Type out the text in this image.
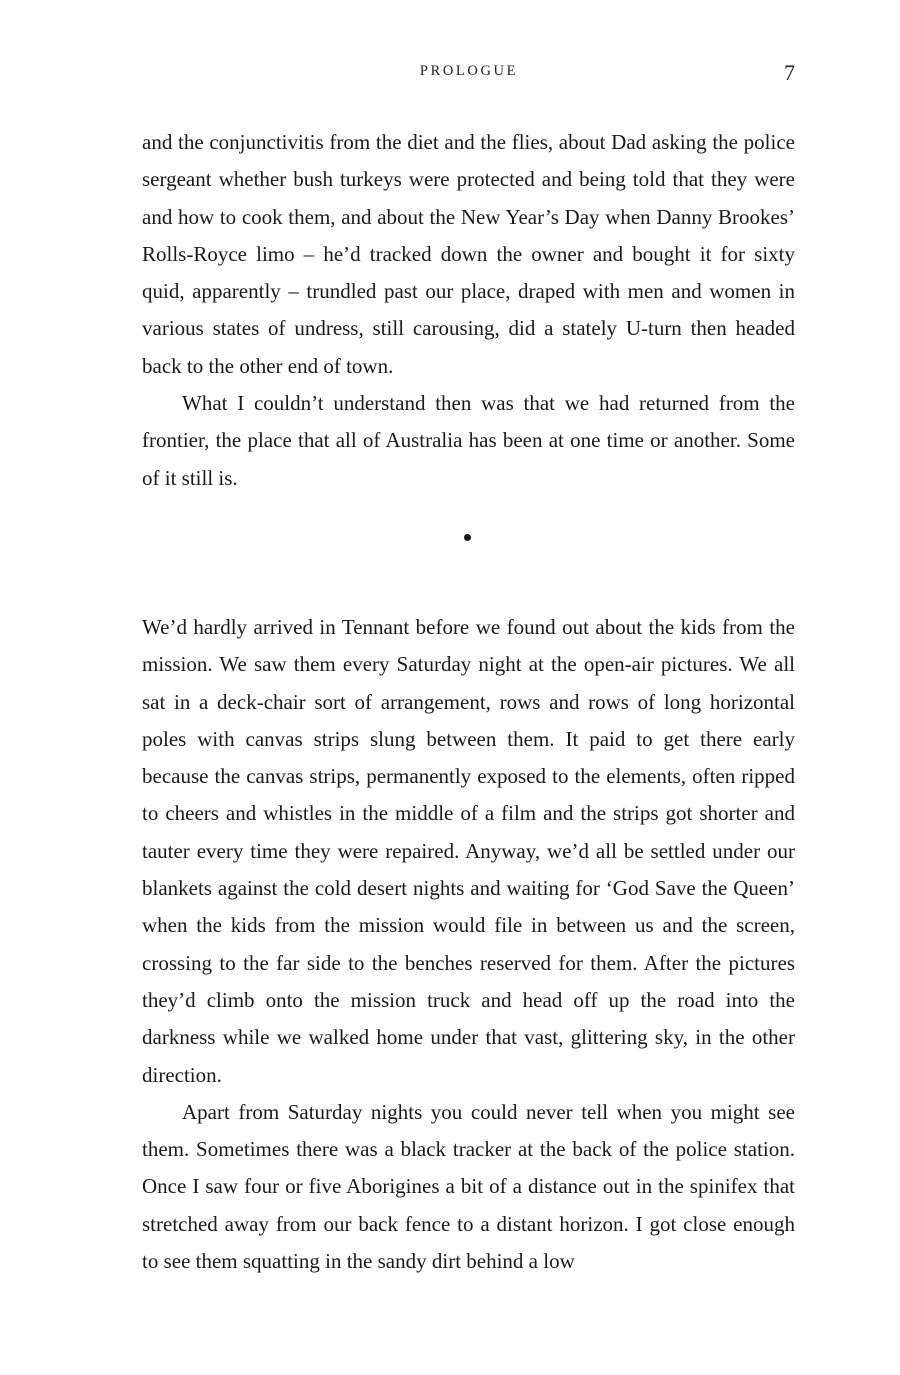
PROLOGUE	7

and the conjunctivitis from the diet and the flies, about Dad asking the police sergeant whether bush turkeys were protected and being told that they were and how to cook them, and about the New Year’s Day when Danny Brookes’ Rolls-Royce limo – he’d tracked down the owner and bought it for sixty quid, apparently – trundled past our place, draped with men and women in various states of undress, still carousing, did a stately U-turn then headed back to the other end of town.

What I couldn’t understand then was that we had returned from the frontier, the place that all of Australia has been at one time or another. Some of it still is.

We’d hardly arrived in Tennant before we found out about the kids from the mission. We saw them every Saturday night at the open-air pictures. We all sat in a deck-chair sort of arrangement, rows and rows of long horizontal poles with canvas strips slung between them. It paid to get there early because the canvas strips, permanently exposed to the elements, often ripped to cheers and whistles in the middle of a film and the strips got shorter and tauter every time they were repaired. Anyway, we’d all be settled under our blankets against the cold desert nights and waiting for ‘God Save the Queen’ when the kids from the mission would file in between us and the screen, crossing to the far side to the benches reserved for them. After the pictures they’d climb onto the mission truck and head off up the road into the darkness while we walked home under that vast, glittering sky, in the other direction.

Apart from Saturday nights you could never tell when you might see them. Sometimes there was a black tracker at the back of the police station. Once I saw four or five Aborigines a bit of a distance out in the spinifex that stretched away from our back fence to a distant horizon. I got close enough to see them squatting in the sandy dirt behind a low
